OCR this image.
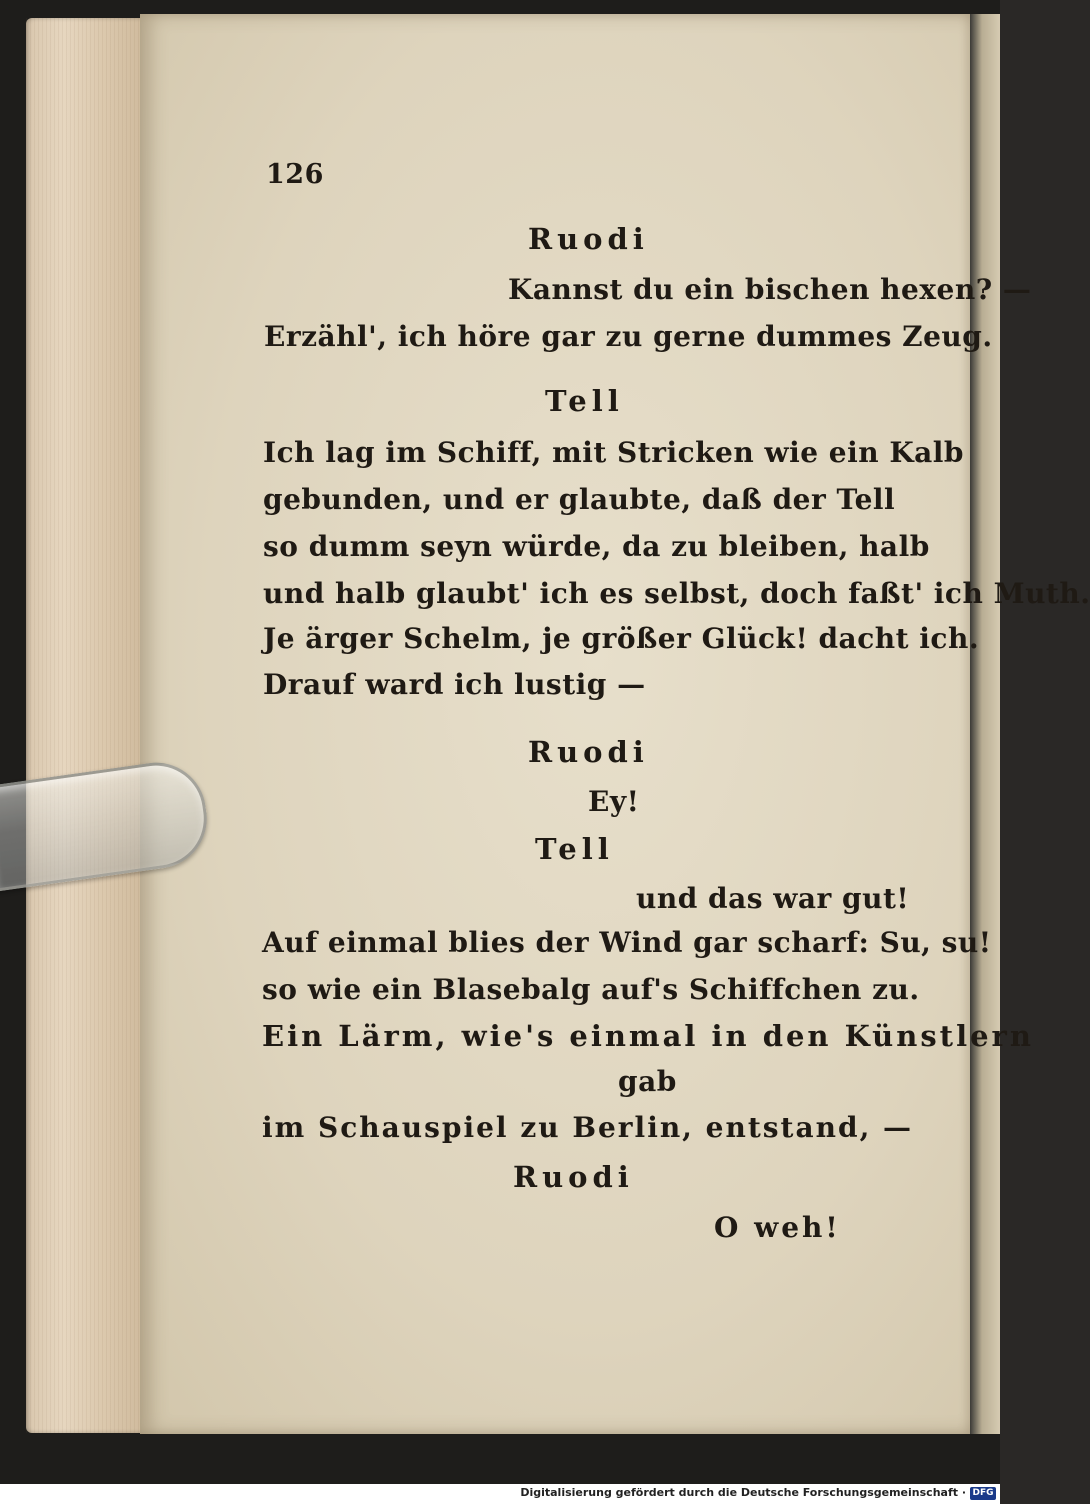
126
Ruodi
Kannst du ein bischen hexen? —
Erzähl', ich höre gar zu gerne dummes Zeug.
Tell
Ich lag im Schiff, mit Stricken wie ein Kalb
gebunden, und er glaubte, daß der Tell
so dumm seyn würde, da zu bleiben, halb
und halb glaubt' ich es selbst, doch faßt' ich Muth.
Je ärger Schelm, je größer Glück! dacht ich.
Drauf ward ich lustig —
Ruodi
Ey!
Tell
und das war gut!
Auf einmal blies der Wind gar scharf: Su, su!
so wie ein Blasebalg auf's Schiffchen zu.
Ein Lärm, wie's einmal in den Künstlern
gab
im Schauspiel zu Berlin, entstand, —
Ruodi
O weh!
Digitalisierung gefördert durch die Deutsche Forschungsgemeinschaft · DFG
